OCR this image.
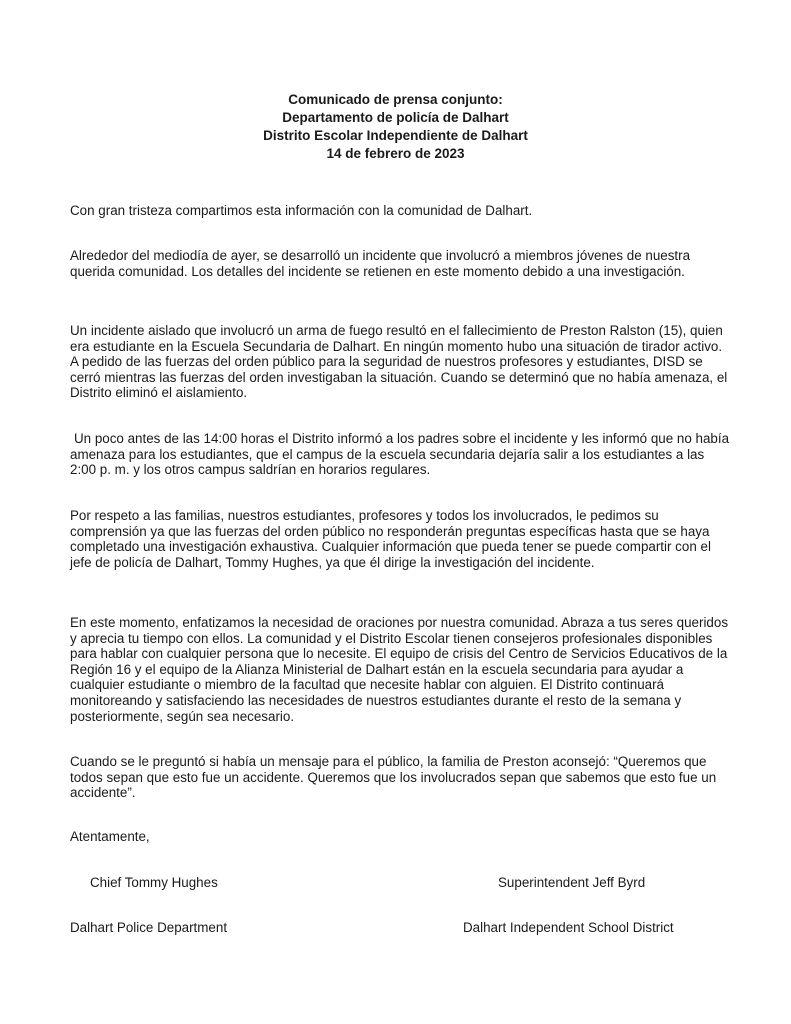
Comunicado de prensa conjunto:
Departamento de policía de Dalhart
Distrito Escolar Independiente de Dalhart
14 de febrero de 2023

Con gran tristeza compartimos esta información con la comunidad de Dalhart.

Alrededor del mediodía de ayer, se desarrolló un incidente que involucró a miembros jóvenes de nuestra querida comunidad. Los detalles del incidente se retienen en este momento debido a una investigación.

Un incidente aislado que involucró un arma de fuego resultó en el fallecimiento de Preston Ralston (15), quien era estudiante en la Escuela Secundaria de Dalhart. En ningún momento hubo una situación de tirador activo. A pedido de las fuerzas del orden público para la seguridad de nuestros profesores y estudiantes, DISD se cerró mientras las fuerzas del orden investigaban la situación. Cuando se determinó que no había amenaza, el Distrito eliminó el aislamiento.

Un poco antes de las 14:00 horas el Distrito informó a los padres sobre el incidente y les informó que no había amenaza para los estudiantes, que el campus de la escuela secundaria dejaría salir a los estudiantes a las 2:00 p. m. y los otros campus saldrían en horarios regulares.

Por respeto a las familias, nuestros estudiantes, profesores y todos los involucrados, le pedimos su comprensión ya que las fuerzas del orden público no responderán preguntas específicas hasta que se haya completado una investigación exhaustiva. Cualquier información que pueda tener se puede compartir con el jefe de policía de Dalhart, Tommy Hughes, ya que él dirige la investigación del incidente.

En este momento, enfatizamos la necesidad de oraciones por nuestra comunidad. Abraza a tus seres queridos y aprecia tu tiempo con ellos. La comunidad y el Distrito Escolar tienen consejeros profesionales disponibles para hablar con cualquier persona que lo necesite. El equipo de crisis del Centro de Servicios Educativos de la Región 16 y el equipo de la Alianza Ministerial de Dalhart están en la escuela secundaria para ayudar a cualquier estudiante o miembro de la facultad que necesite hablar con alguien. El Distrito continuará monitoreando y satisfaciendo las necesidades de nuestros estudiantes durante el resto de la semana y posteriormente, según sea necesario.

Cuando se le preguntó si había un mensaje para el público, la familia de Preston aconsejó: “Queremos que todos sepan que esto fue un accidente. Queremos que los involucrados sepan que sabemos que esto fue un accidente”.

Atentamente,

Chief Tommy Hughes
Dalhart Police Department
Superintendent Jeff Byrd
Dalhart Independent School District
